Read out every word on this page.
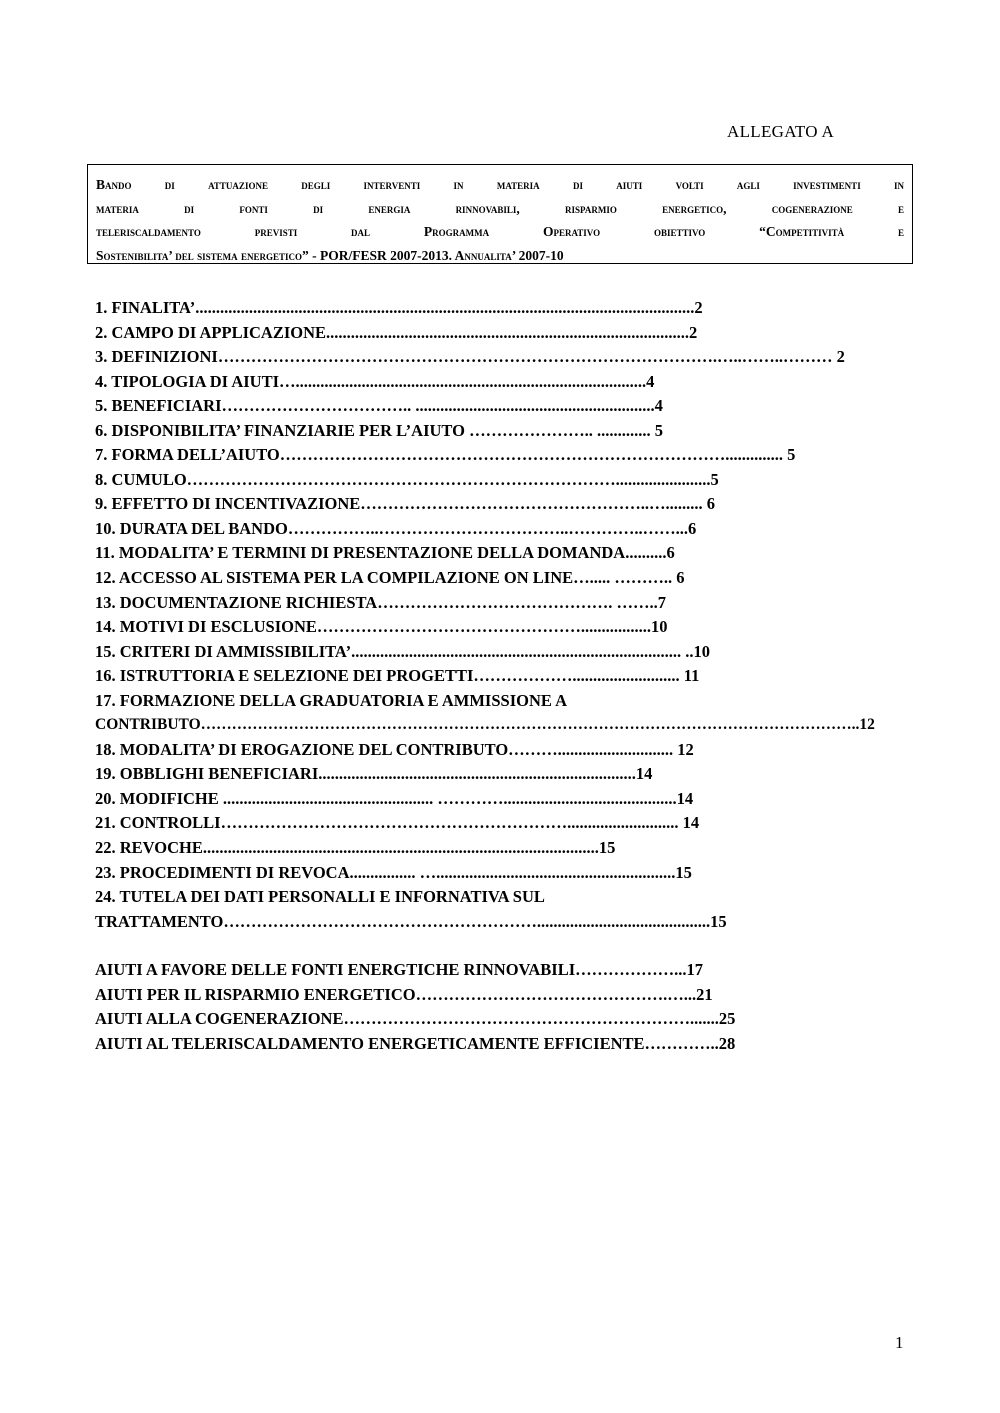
ALLEGATO A
Bando di attuazione degli interventi in materia di aiuti volti agli investimenti in
materia di fonti di energia rinnovabili, risparmio energetico, cogenerazione e
teleriscaldamento previsti dal Programma Operativo obiettivo “Competitività e
Sostenibilita’ del sistema energetico” - POR/FESR 2007-2013. Annualita’ 2007-10
1. FINALITA’.........................................................................................................................2
2. CAMPO DI APPLICAZIONE........................................................................................2
3. DEFINIZIONI……………………………………………………………………………….…..……..……… 2
4. TIPOLOGIA DI AIUTI….....................................................................................4
5. BENEFICIARI…………………………….. ..........................................................4
6. DISPONIBILITA’ FINANZIARIE PER L’AIUTO ………………….. ............. 5
7. FORMA DELL’AIUTO……………………………………………………………………….............. 5
8. CUMULO…………………………………………………………………….......................5
9. EFFETTO DI INCENTIVAZIONE……………………………………………..…......... 6
10. DURATA DEL BANDO……………..……………………………..…………..……...6
11. MODALITA’ E TERMINI DI PRESENTAZIONE DELLA DOMANDA..........6
12. ACCESSO AL SISTEMA PER LA COMPILAZIONE ON LINE…..... ……….. 6
13. DOCUMENTAZIONE RICHIESTA……………………………………. ……..7
14. MOTIVI DI ESCLUSIONE………………………………………….................10
15. CRITERI DI AMMISSIBILITA’................................................................................ ..10
16. ISTRUTTORIA E SELEZIONE DEI PROGETTI……………….......................... 11
17. FORMAZIONE DELLA GRADUATORIA E AMMISSIONE A
CONTRIBUTO………………………………………………………………………………………………………………..12
18. MODALITA’ DI EROGAZIONE DEL CONTRIBUTO………............................ 12
19. OBBLIGHI BENEFICIARI.............................................................................14
20. MODIFICHE ................................................... …………..........................................14
21. CONTROLLI………………………………………………………........................... 14
22. REVOCHE................................................................................................15
23. PROCEDIMENTI DI REVOCA................ …..........................................................15
24. TUTELA DEI DATI PERSONALLI E INFORNATIVA SUL
TRATTAMENTO…………………………………………………..........................................15
AIUTI A FAVORE DELLE FONTI ENERGTICHE RINNOVABILI………………...17
AIUTI PER IL RISPARMIO ENERGETICO……………………………………….…...21
AIUTI ALLA COGENERAZIONE……………………………………………………….......25
AIUTI AL TELERISCALDAMENTO ENERGETICAMENTE EFFICIENTE…………..28
1
